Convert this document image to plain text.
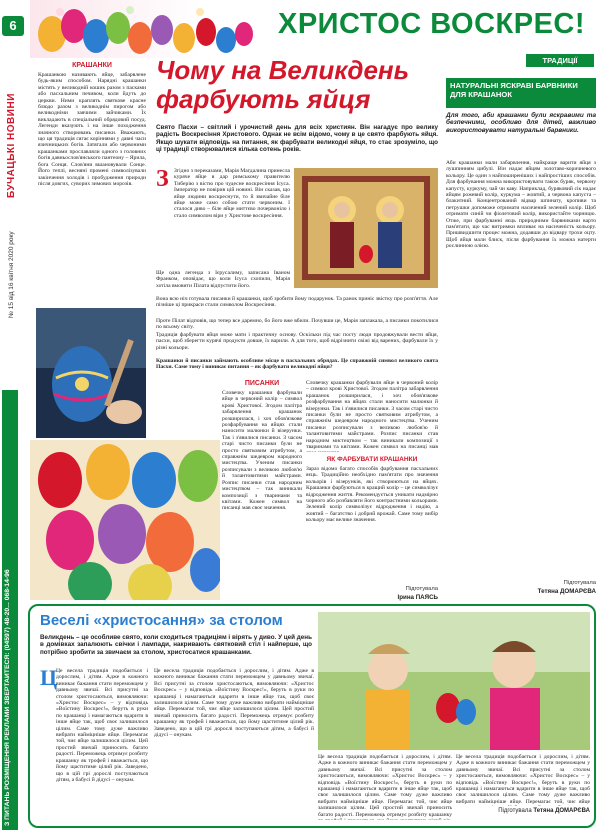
6
БУЧАЦЬКІ НОВИНИ
№ 15 від 16 квітня 2020 року
З ПИТАНЬ РОЗМІЩЕННЯ РЕКЛАМИ ЗВЕРТАЙТЕСЯ: (04597) 48-20... 068-14-96
ХРИСТОС ВОСКРЕС!
ТРАДИЦІЇ
КРАШАНКИ
Крашанкою називають яйце, забарвлене будь-яким способом. Нарядні крашанки містять у великодній кошик разом з пасками або пасхальним печивом, коли йдуть до церкви. Ними краплять святкове красне блюдо разом з великоднім пирогом або великодніми заячими зайчиками. Їх викладають в спеціальний обрядовий посуд. Легенди вказують і на інше походження значного створювань писанки. Вважають, що ця традиція сягає коріннями у давні часи язичницьких богів. Затягали або червоними крашанками прославляли одного з головних богів давньослов'янського пантеону – Ярила, бога Сонця. Слов'яни вшановували Сонце. Його теплі, весняні промені символізували закінчення холодів і пробудження природи після довгих, суворих зимових морозів.
Чому на Великдень фарбують яйця
Свято Пасхи – світлий і урочистий день для всіх християн. Він нагадує про велику радість Воскресіння Христового. Однак не всім відомо, чому в це свято фарбують яйця. Якщо шукати відповідь на питання, як фарбувати великодні яйця, то стає зрозуміло, що ці традиції створювалися кілька сотень років.
З Згідно з переказами, Марія Магдалина принесла куряче яйце в дар римському правителю Тиберію з вістю про чудесне воскресіння Ісуса. Імператор не повірив цій новині. Він сказав, що яйце людини воскреснути, то й звичайне біле яйце може само собою стати червоним. І сталося диво – біле яйце миттєво почервоніло і стало символом віри у Христове воскресіння.
Ще одна легенда з Ієрусалиму, записана Іваном Франком, оповідає, що коли Ісуса схопили, Марія хотіла вмовити Пілата відпустити його.
Вона всю ніч готувала писанки й крашанки, щоб зробити йому подарунок. Та ранок приніс звістку про розп'яття. Але пізніше ці прикраси стали символом Воскресіння.
Проте Пілат відповів, що тепер все даремно, бо його вже вбили. Почувши це, Марія заплакала, а писанки покотилися по всьому світу.
Традиція фарбувати яйця може мати і практичну основу. Оскільки під час посту люди продовжували вести яйця, пасхи, щоб зберегти курячі продукти довше, їх варили. А для того, щоб відрізнити свіжі від варених, фарбували їх у різні кольори.
Крашанки й писанки займають особливе місце в пасхальних обрядах. Це справжній символ великого свята Пасхи. Саме тому і виникає питання – як фарбувати великодні яйця?
ПИСАНКИ
Словечку крашанки фарбували яйце в червоний колір – символ крові Христової. Згодом палітра забарвлення крашанок розширилася, і хоч обов'язкове розфарбування на яйцях стали наносити малюнки й візерунки. Так і з'явилися писанки. З часом старі чисто писанки були не просто святковим атрибутом, а справжнім шедевром народного мистецтва. Ученим писанки розписували з великою любов'ю й талантовитими майстрами. Розпис писанки став народним мистецтвом – так виникали композиції з тваринами та квітами. Кожен символ на писанці мав своє значення.
ЯК ФАРБУВАТИ КРАШАНКИ
Зараз відомо багато способів фарбування пасхальних яєць. Традиційно необхідно пам'ятати про значення кольорів і візерунків, які створюються на яйцях. Крашанки фарбуються в кращий колір – це символізує відродження життя. Рекомендується уникати надмірно чорного або розбавляти його контрастними кольорами. Зелений колір символізує відродження і надію, а жовтий – багатство і добрий врожай. Саме тому вибір кольору має велике значення.
Словечку крашанки фарбували яйце в червоний колір – символ крові Христової. Згодом палітра забарвлення крашанок розширилася, і хоч обов'язкове розфарбування на яйцях стали наносити малюнки й візерунки. Так і з'явилися писанки. З часом старі чисто писанки були не просто святковим атрибутом, а справжнім шедевром народного мистецтва. Ученим писанки розписували з великою любов'ю й талантовитими майстрами. Розпис писанки став народним мистецтвом – так виникали композиції з тваринами та квітами. Кожен символ на писанці мав
Підготувала
Ірина ПАЯСЬ
НАТУРАЛЬНІ ЯСКРАВІ БАРВНИКИ ДЛЯ КРАШАНОК
Для того, аби крашанки були яскравими та безпечними, особливо для дітей, важливо використовувати натуральні барвники.
Аби крашанки мали забарвлення, найкраще варити яйця з лушпинням цибулі. Він надає яйцям золотаво-коричневого кольору. Це один з найпоширеніших і найпростіших способів. Для фарбування можна використовувати також буряк, червону капусту, куркуму, чай чи каву. Наприклад, буряковий сік надає яйцям рожевий колір, куркума – жовтий, а червона капуста – блакитний. Концентрований відвар шпинату, кропиви та петрушки допоможе отримати насичений зелений колір. Щоб отримати синій чи фіолетовий колір, використайте чорницю. Отже, при фарбуванні яєць природними барвниками варто пам'ятати, що час витримки впливає на насиченість кольору. Пришвидшити процес можна, додавши до відвару трохи оцту. Щоб яйця мали блиск, після фарбування їх можна натерти рослинною олією.
Підготувала
Тетяна ДОМАРЄВА
Веселі «христосання» за столом
Великдень – це особливе свято, коли сходиться традиціям і вірять у диво. У цей день в домівках запалюють свічки і лампади, накривають святковий стіл і найперше, що потрібно зробити за звичаєм за столом, христосатися крашанками.
Ц
Це весела традиція подобається і дорослим, і дітям. Адже в кожного виникає бажання стати переможцем у давньому звичаї. Всі присутні за столом христосаються, вимовляючи: «Христос Воскрес» – у відповідь «Воїстину Воскрес!», беруть в руки по крашанці і намагаються вдарити в інше яйце так, щоб своє залишилося цілим. Саме тому дуже важливо вибрати найміцніше яйце. Перемагає той, чиє яйце залишилося цілим. Цей простий звичай приносить багато радості. Переможець отримує розбиту крашанку як трофей і вважається, що йому щаститиме цілий рік. Заведено, що в цій грі дорослі поступаються дітям, а бабусі й дідусі – онукам.
Це весела традиція подобається і дорослим, і дітям. Адже в кожного виникає бажання стати переможцем у давньому звичаї. Всі присутні за столом христосаються, вимовляючи: «Христос Воскрес» – у відповідь «Воїстину Воскрес!», беруть в руки по крашанці і намагаються вдарити в інше яйце так, щоб своє залишилося цілим. Саме тому дуже важливо вибрати найміцніше яйце. Перемагає той, чиє яйце залишилося цілим. Цей простий звичай приносить багато радості. Переможець отримує розбиту крашанку як трофей і вважається, що йому щаститиме цілий рік. Заведено, що в цій грі дорослі поступаються дітям, а бабусі й дідусі – онукам.
Це весела традиція подобається і дорослим, і дітям. Адже в кожного виникає бажання стати переможцем у давньому звичаї. Всі присутні за столом христосаються, вимовляючи: «Христос Воскрес» – у відповідь «Воїстину Воскрес!», беруть в руки по крашанці і намагаються вдарити в інше яйце так, щоб своє залишилося цілим. Саме тому дуже важливо вибрати найміцніше яйце. Перемагає той, чиє яйце залишилося цілим. Цей простий звичай приносить багато радості. Переможець отримує розбиту крашанку
Це весела традиція подобається і дорослим, і дітям. Адже в кожного виникає бажання стати переможцем у давньому звичаї. Всі присутні за столом христосаються, вимовляючи: «Христос Воскрес» – у відповідь «Воїстину Воскрес!», беруть в руки по крашанці і намагаються вдарити в інше яйце так, щоб своє залишилося цілим. Саме тому дуже важливо вибрати найміцніше яйце. Перемагає той, чиє яйце
Підготувала Тетяна ДОМАРЄВА
